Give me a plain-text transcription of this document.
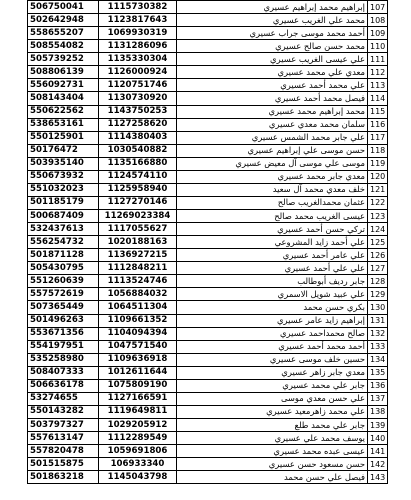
506750041	1115730382	إبراهيم محمد إبراهيم عسيري	107
502642948	1123817643	محمد علي الغريب عسيري	108
558655207	1069930319	أحمد محمد موسى جراب عسيري	109
508554082	1131286096	محمد حسن صالح عسيري	110
505739252	1135330304	علي عيسى الغريب عسيري	111
508806139	1126000924	معدي علي محمد عسيري	112
556092731	1120751746	علي محمد أحمد عسيري	113
508143404	1130730920	فيصل محمد أحمد عسيري	114
550622562	1143750253	محمد إبراهيم محمد عسيري	115
538653161	1127258620	سلمان محمد معدي عسيري	116
550125901	1114380403	علي جابر محمد الشمس عسيري	117
50176472	1030540882	حسن موسى علي إبراهيم عسيري	118
503935140	1135166880	موسى علي موسى آل معيض عسيري	119
550673932	1124574110	معدي جابر محمد عسيري	120
551032023	1125958940	خلف معدي محمد آل سعيد	121
501185179	1127270146	عثمان محمدالغريب صالح	122
500687409	11269023384	عيسى الغريب محمد صالح	123
532437613	1117055627	تركي حسن أحمد عسيري	124
556254732	1020188163	علي أحمد زايد المشروعي	125
501871128	1136927215	علي عامر أحمد عسيري	126
505430795	1112848211	علي علي أحمد عسيري	127
551260639	1113524746	جابر رديف أبوطالب	128
557572619	1056884032	علي عبيد شويل الاسمري	129
507365449	1064511304	بكري حسن محمد	130
501496263	1109661352	إبراهيم زايد عامر عسيري	131
553671356	1104094394	صالح محمداحمد عسيري	132
554197951	1047571540	أحمد محمد أحمد عسيري	133
535258980	1109636918	حسين خلف موسى عسيري	134
508407333	1012611644	معدي جابر زاهر عسيري	135
506636178	1075809190	جابر علي محمد عسيري	136
53274655	1127166591	علي حسن معدي موسى	137
550143282	1119649811	علي محمد زاهرمعيد عسيري	138
503797327	1029205912	جابر علي محمد طلع	139
557613147	1112289549	يوسف محمد علي عسيري	140
557820478	1059691806	عيسى عبده محمد عسيري	141
501515875	106933340	حسن مسعود حسن عسيري	142
501863218	1145043798	فيصل علي حسن محمد	143
